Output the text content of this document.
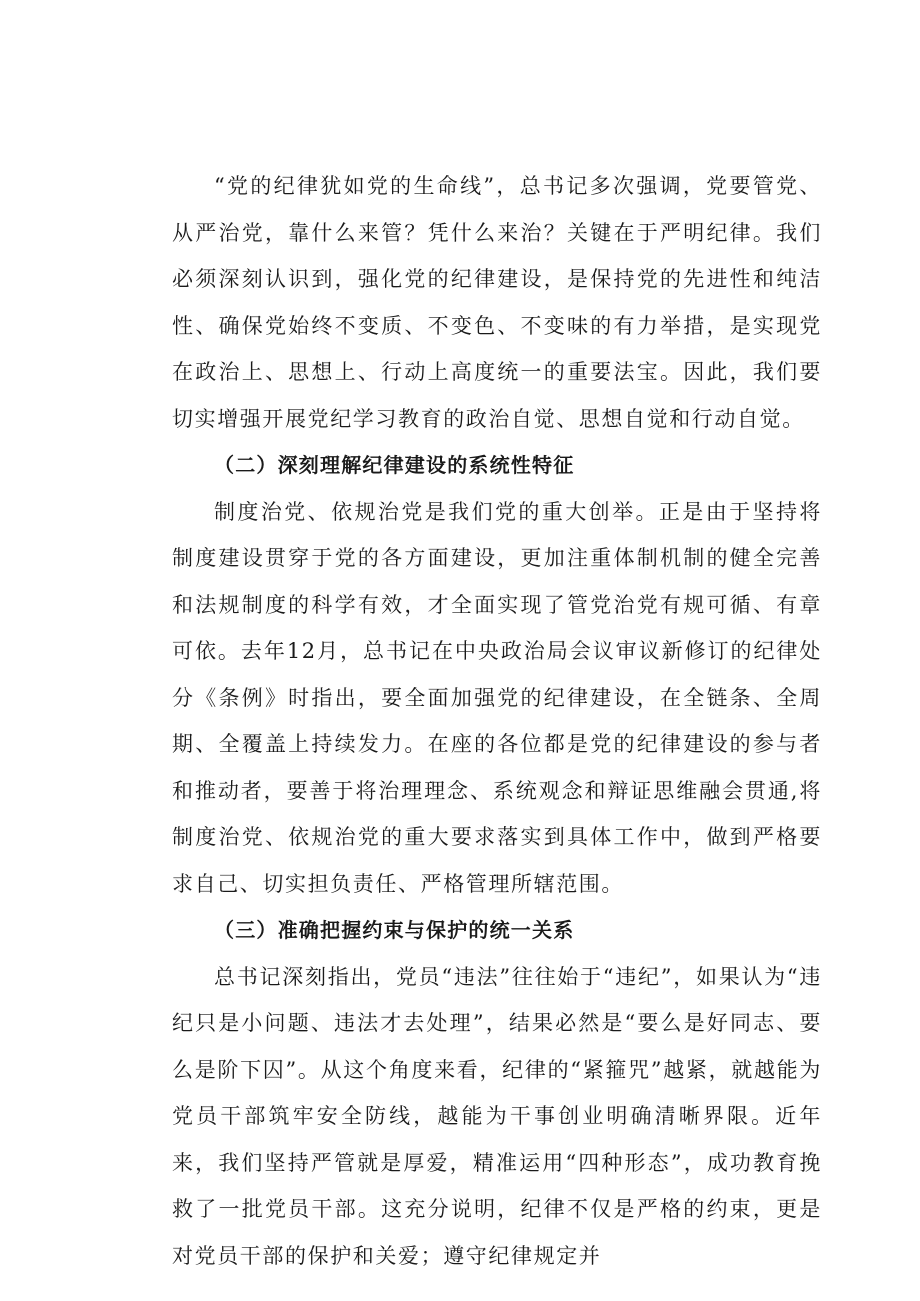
“党的纪律犹如党的生命线”，总书记多次强调，党要管党、从严治党，靠什么来管？凭什么来治？关键在于严明纪律。我们必须深刻认识到，强化党的纪律建设，是保持党的先进性和纯洁性、确保党始终不变质、不变色、不变味的有力举措，是实现党在政治上、思想上、行动上高度统一的重要法宝。因此，我们要切实增强开展党纪学习教育的政治自觉、思想自觉和行动自觉。

（二）深刻理解纪律建设的系统性特征

制度治党、依规治党是我们党的重大创举。正是由于坚持将制度建设贯穿于党的各方面建设，更加注重体制机制的健全完善和法规制度的科学有效，才全面实现了管党治党有规可循、有章可依。去年12月，总书记在中央政治局会议审议新修订的纪律处分《条例》时指出，要全面加强党的纪律建设，在全链条、全周期、全覆盖上持续发力。在座的各位都是党的纪律建设的参与者和推动者，要善于将治理理念、系统观念和辩证思维融会贯通,将制度治党、依规治党的重大要求落实到具体工作中，做到严格要求自己、切实担负责任、严格管理所辖范围。

（三）准确把握约束与保护的统一关系

总书记深刻指出，党员“违法”往往始于“违纪”，如果认为“违纪只是小问题、违法才去处理”，结果必然是“要么是好同志、要么是阶下囚”。从这个角度来看，纪律的“紧箍咒”越紧，就越能为党员干部筑牢安全防线，越能为干事创业明确清晰界限。近年来，我们坚持严管就是厚爱，精准运用“四种形态”，成功教育挽救了一批党员干部。这充分说明，纪律不仅是严格的约束，更是对党员干部的保护和关爱；遵守纪律规定并
